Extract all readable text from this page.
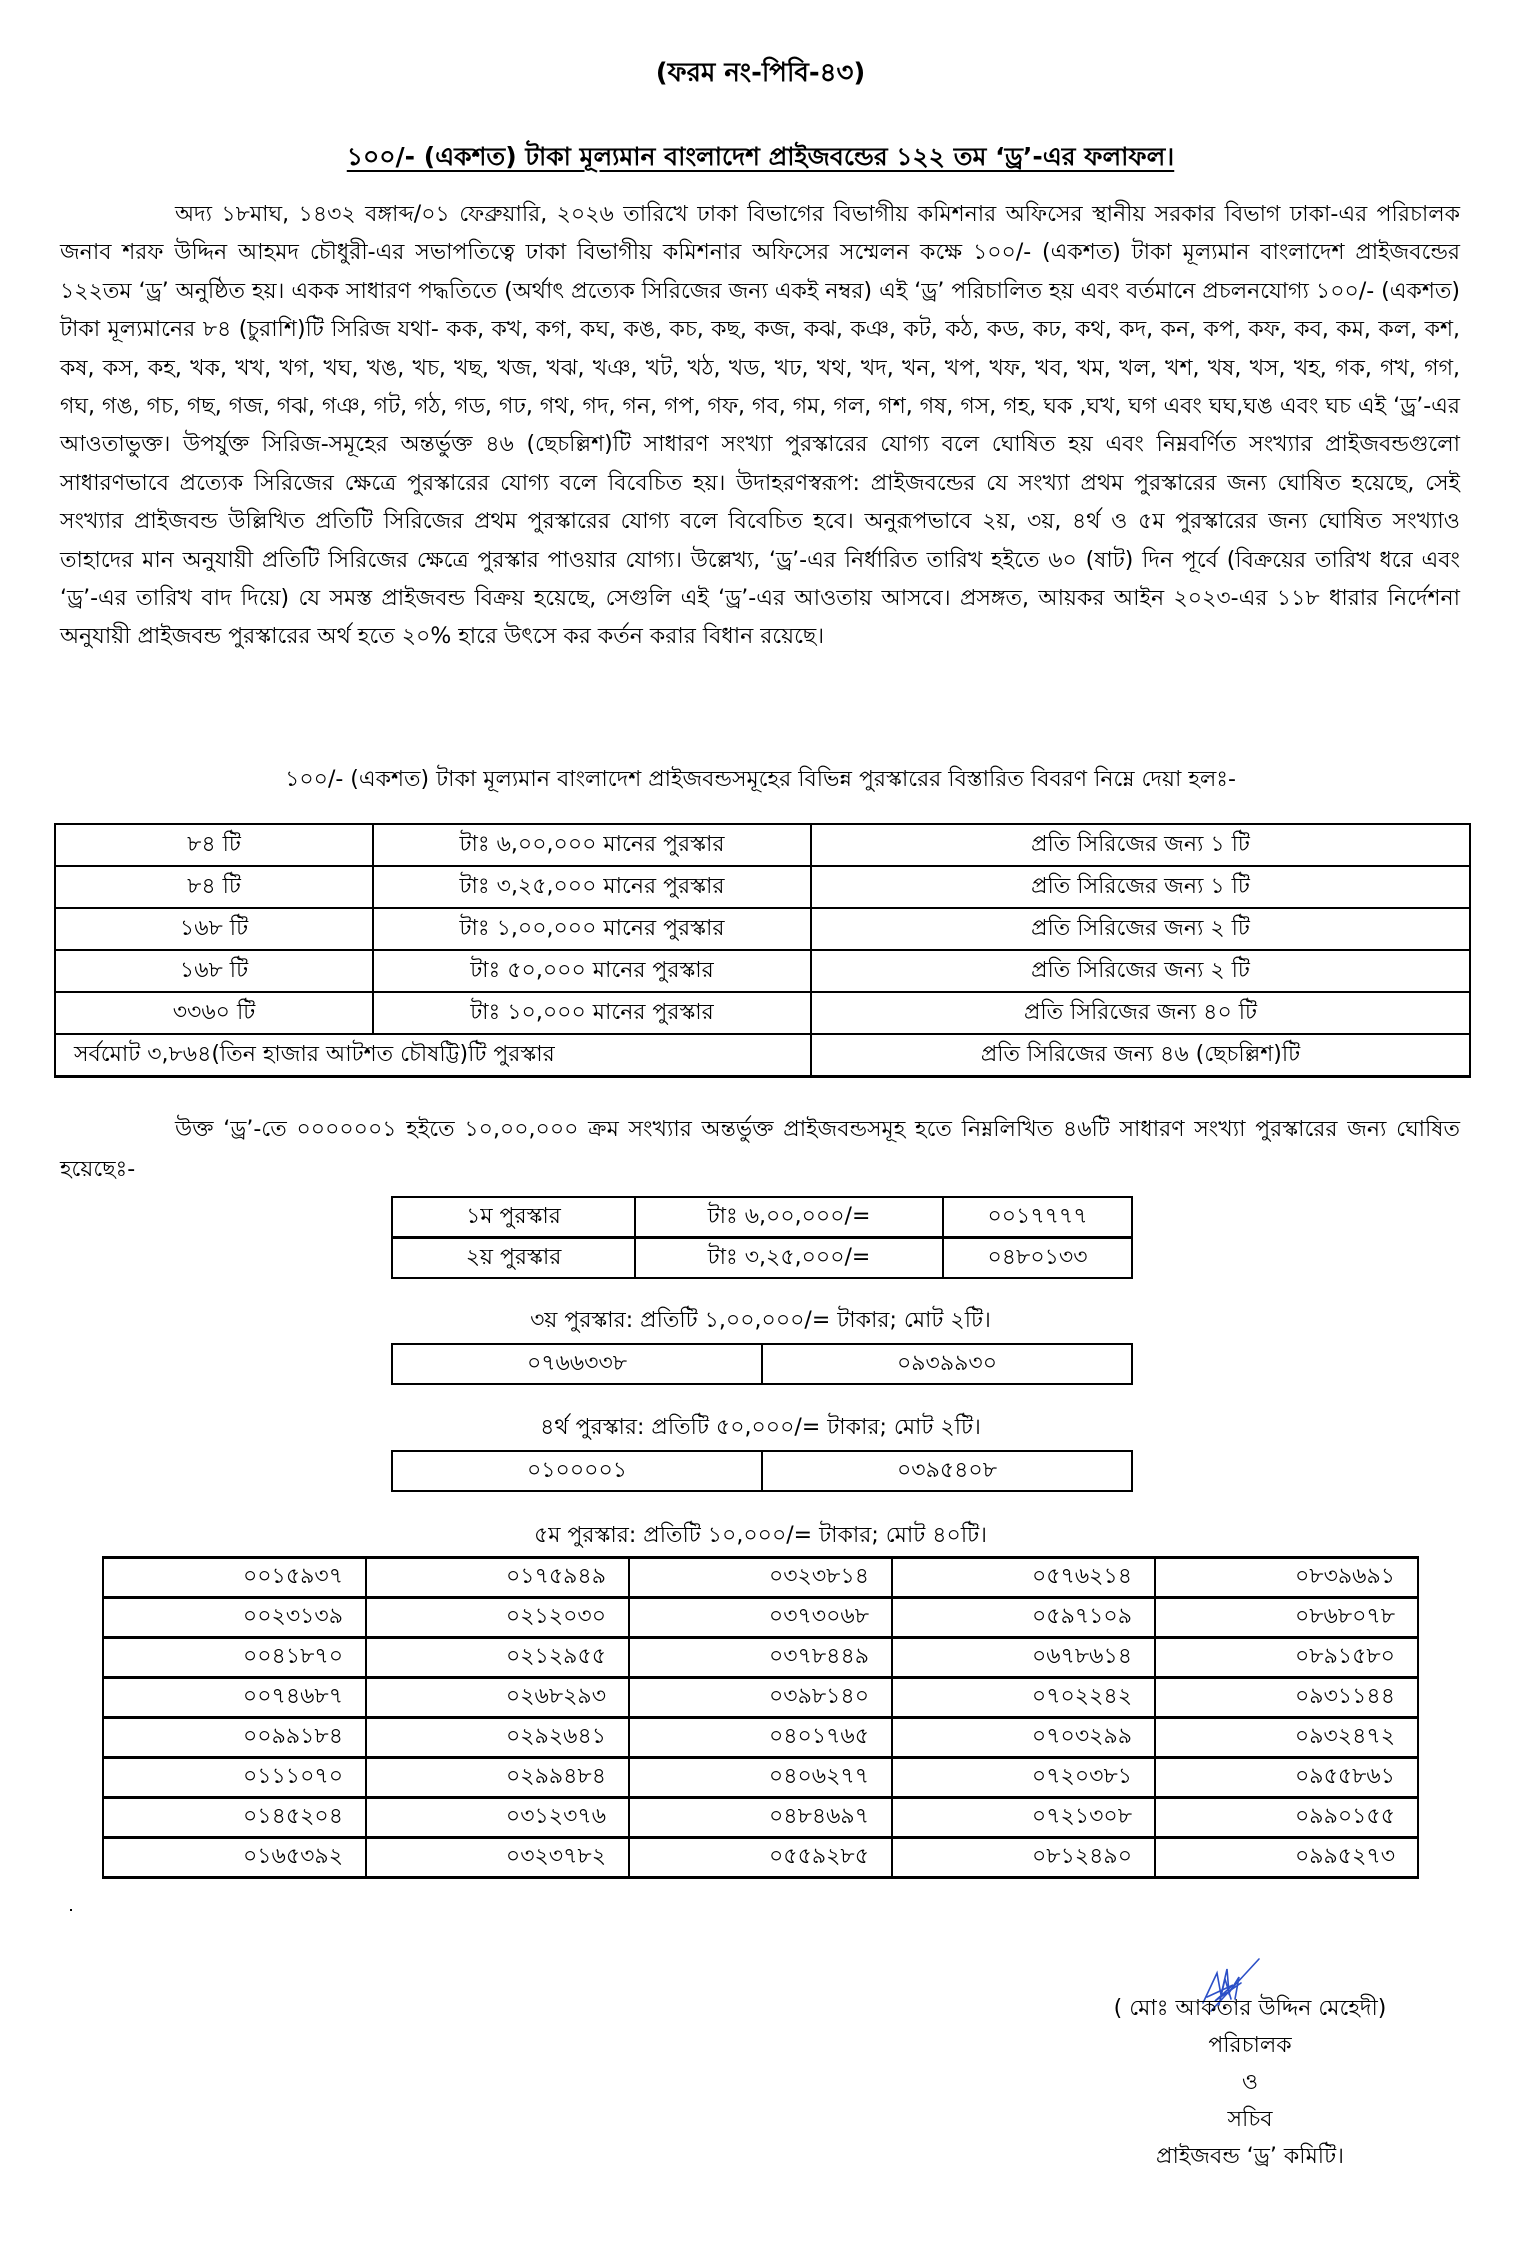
(ফরম নং-পিবি-৪৩)
১০০/- (একশত) টাকা মূল্যমান বাংলাদেশ প্রাইজবন্ডের ১২২ তম ‘ড্র’-এর ফলাফল।
অদ্য ১৮মাঘ, ১৪৩২ বঙ্গাব্দ/০১ ফেব্রুয়ারি, ২০২৬ তারিখে ঢাকা বিভাগের বিভাগীয় কমিশনার অফিসের স্থানীয় সরকার বিভাগ ঢাকা-এর পরিচালক জনাব শরফ উদ্দিন আহমদ চৌধুরী-এর সভাপতিত্বে ঢাকা বিভাগীয় কমিশনার অফিসের সম্মেলন কক্ষে ১০০/- (একশত) টাকা মূল্যমান বাংলাদেশ প্রাইজবন্ডের ১২২তম ‘ড্র’ অনুষ্ঠিত হয়। একক সাধারণ পদ্ধতিতে (অর্থাৎ প্রত্যেক সিরিজের জন্য একই নম্বর) এই ‘ড্র’ পরিচালিত হয় এবং বর্তমানে প্রচলনযোগ্য ১০০/- (একশত) টাকা মূল্যমানের ৮৪ (চুরাশি)টি সিরিজ যথা- কক, কখ, কগ, কঘ, কঙ, কচ, কছ, কজ, কঝ, কঞ, কট, কঠ, কড, কঢ, কথ, কদ, কন, কপ, কফ, কব, কম, কল, কশ, কষ, কস, কহ, খক, খখ, খগ, খঘ, খঙ, খচ, খছ, খজ, খঝ, খঞ, খট, খঠ, খড, খঢ, খথ, খদ, খন, খপ, খফ, খব, খম, খল, খশ, খষ, খস, খহ, গক, গখ, গগ, গঘ, গঙ, গচ, গছ, গজ, গঝ, গঞ, গট, গঠ, গড, গঢ, গথ, গদ, গন, গপ, গফ, গব, গম, গল, গশ, গষ, গস, গহ, ঘক ,ঘখ, ঘগ এবং ঘঘ,ঘঙ এবং ঘচ এই ‘ড্র’-এর আওতাভুক্ত। উপর্যুক্ত সিরিজ-সমূহের অন্তর্ভুক্ত ৪৬ (ছেচল্লিশ)টি সাধারণ সংখ্যা পুরস্কারের যোগ্য বলে ঘোষিত হয় এবং নিম্নবর্ণিত সংখ্যার প্রাইজবন্ডগুলো সাধারণভাবে প্রত্যেক সিরিজের ক্ষেত্রে পুরস্কারের যোগ্য বলে বিবেচিত হয়। উদাহরণস্বরূপ: প্রাইজবন্ডের যে সংখ্যা প্রথম পুরস্কারের জন্য ঘোষিত হয়েছে, সেই সংখ্যার প্রাইজবন্ড উল্লিখিত প্রতিটি সিরিজের প্রথম পুরস্কারের যোগ্য বলে বিবেচিত হবে। অনুরূপভাবে ২য়, ৩য়, ৪র্থ ও ৫ম পুরস্কারের জন্য ঘোষিত সংখ্যাও তাহাদের মান অনুযায়ী প্রতিটি সিরিজের ক্ষেত্রে পুরস্কার পাওয়ার যোগ্য। উল্লেখ্য, ‘ড্র’-এর নির্ধারিত তারিখ হইতে ৬০ (ষাট) দিন পূর্বে (বিক্রয়ের তারিখ ধরে এবং ‘ড্র’-এর তারিখ বাদ দিয়ে) যে সমস্ত প্রাইজবন্ড বিক্রয় হয়েছে, সেগুলি এই ‘ড্র’-এর আওতায় আসবে। প্রসঙ্গত, আয়কর আইন ২০২৩-এর ১১৮ ধারার নির্দেশনা অনুযায়ী প্রাইজবন্ড পুরস্কারের অর্থ হতে ২০% হারে উৎসে কর কর্তন করার বিধান রয়েছে।
১০০/- (একশত) টাকা মূল্যমান বাংলাদেশ প্রাইজবন্ডসমূহের বিভিন্ন পুরস্কারের বিস্তারিত বিবরণ নিম্নে দেয়া হলঃ-
৮৪ টি	টাঃ ৬,০০,০০০ মানের পুরস্কার	প্রতি সিরিজের জন্য ১ টি
৮৪ টি	টাঃ ৩,২৫,০০০ মানের পুরস্কার	প্রতি সিরিজের জন্য ১ টি
১৬৮ টি	টাঃ ১,০০,০০০ মানের পুরস্কার	প্রতি সিরিজের জন্য ২ টি
১৬৮ টি	টাঃ ৫০,০০০ মানের পুরস্কার	প্রতি সিরিজের জন্য ২ টি
৩৩৬০ টি	টাঃ ১০,০০০ মানের পুরস্কার	প্রতি সিরিজের জন্য ৪০ টি
সর্বমোট ৩,৮৬৪(তিন হাজার আটশত চৌষট্টি)টি পুরস্কার		প্রতি সিরিজের জন্য ৪৬ (ছেচল্লিশ)টি
উক্ত ‘ড্র’-তে ০০০০০০১ হইতে ১০,০০,০০০ ক্রম সংখ্যার অন্তর্ভুক্ত প্রাইজবন্ডসমূহ হতে নিম্নলিখিত ৪৬টি সাধারণ সংখ্যা পুরস্কারের জন্য ঘোষিত হয়েছেঃ-
১ম পুরস্কার	টাঃ ৬,০০,০০০/=	০০১৭৭৭৭
২য় পুরস্কার	টাঃ ৩,২৫,০০০/=	০৪৮০১৩৩
৩য় পুরস্কার: প্রতিটি ১,০০,০০০/= টাকার; মোট ২টি।
০৭৬৬৩৩৮	০৯৩৯৯৩০
৪র্থ পুরস্কার: প্রতিটি ৫০,০০০/= টাকার; মোট ২টি।
০১০০০০১	০৩৯৫৪০৮
৫ম পুরস্কার: প্রতিটি ১০,০০০/= টাকার; মোট ৪০টি।
০০১৫৯৩৭	০১৭৫৯৪৯	০৩২৩৮১৪	০৫৭৬২১৪	০৮৩৯৬৯১
০০২৩১৩৯	০২১২০৩০	০৩৭৩০৬৮	০৫৯৭১০৯	০৮৬৮০৭৮
০০৪১৮৭০	০২১২৯৫৫	০৩৭৮৪৪৯	০৬৭৮৬১৪	০৮৯১৫৮০
০০৭৪৬৮৭	০২৬৮২৯৩	০৩৯৮১৪০	০৭০২২৪২	০৯৩১১৪৪
০০৯৯১৮৪	০২৯২৬৪১	০৪০১৭৬৫	০৭০৩২৯৯	০৯৩২৪৭২
০১১১০৭০	০২৯৯৪৮৪	০৪০৬২৭৭	০৭২০৩৮১	০৯৫৫৮৬১
০১৪৫২০৪	০৩১২৩৭৬	০৪৮৪৬৯৭	০৭২১৩০৮	০৯৯০১৫৫
০১৬৫৩৯২	০৩২৩৭৮২	০৫৫৯২৮৫	০৮১২৪৯০	০৯৯৫২৭৩
( মোঃ আকতার উদ্দিন মেহেদী)
পরিচালক
ও
সচিব
প্রাইজবন্ড ‘ড্র’ কমিটি।
